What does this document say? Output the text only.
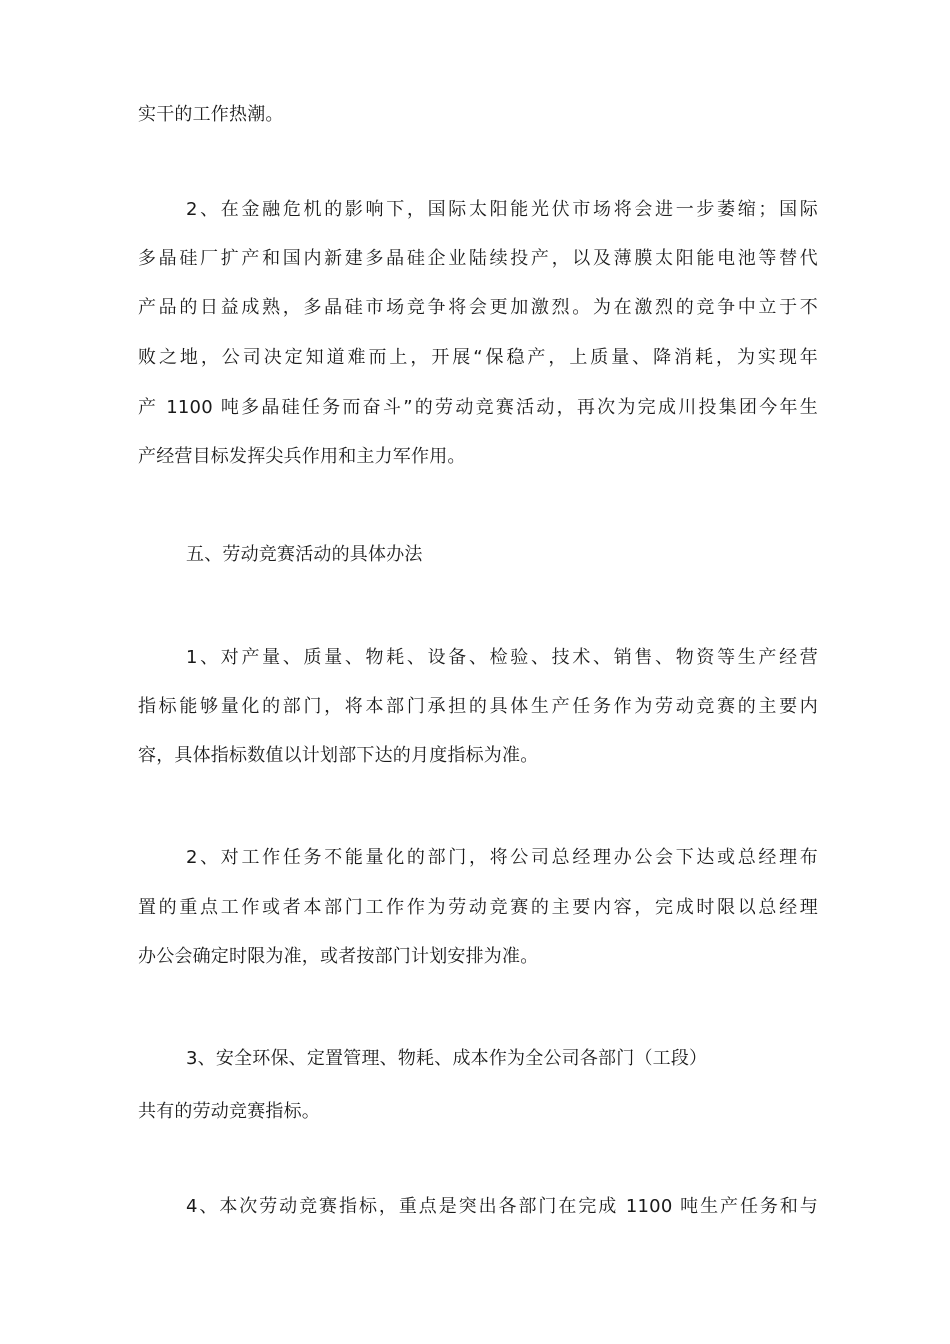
实干的工作热潮。
2、在金融危机的影响下，国际太阳能光伏市场将会进一步萎缩；国际
多晶硅厂扩产和国内新建多晶硅企业陆续投产，以及薄膜太阳能电池等替代
产品的日益成熟，多晶硅市场竞争将会更加激烈。为在激烈的竞争中立于不
败之地，公司决定知道难而上，开展“保稳产，上质量、降消耗，为实现年
产 1100 吨多晶硅任务而奋斗”的劳动竞赛活动，再次为完成川投集团今年生
产经营目标发挥尖兵作用和主力军作用。
五、劳动竞赛活动的具体办法
1、对产量、质量、物耗、设备、检验、技术、销售、物资等生产经营
指标能够量化的部门，将本部门承担的具体生产任务作为劳动竞赛的主要内
容，具体指标数值以计划部下达的月度指标为准。
2、对工作任务不能量化的部门，将公司总经理办公会下达或总经理布
置的重点工作或者本部门工作作为劳动竞赛的主要内容，完成时限以总经理
办公会确定时限为准，或者按部门计划安排为准。
3、安全环保、定置管理、物耗、成本作为全公司各部门（工段）
共有的劳动竞赛指标。
4、本次劳动竞赛指标，重点是突出各部门在完成 1100 吨生产任务和与
